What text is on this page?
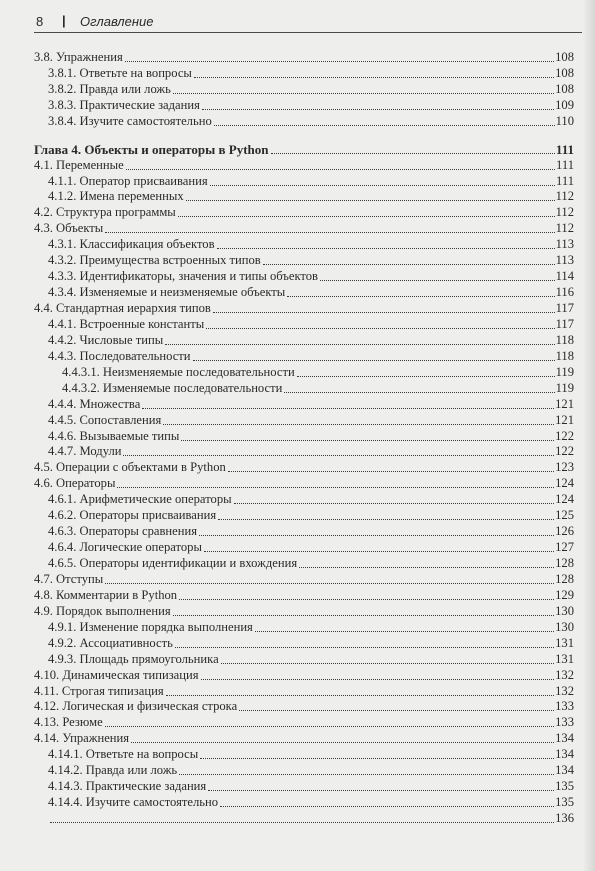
8 | Оглавление
3.8. Упражнения	108
3.8.1. Ответьте на вопросы	108
3.8.2. Правда или ложь	108
3.8.3. Практические задания	109
3.8.4. Изучите самостоятельно	110
Глава 4. Объекты и операторы в Python	111
4.1. Переменные	111
4.1.1. Оператор присваивания	111
4.1.2. Имена переменных	112
4.2. Структура программы	112
4.3. Объекты	112
4.3.1. Классификация объектов	113
4.3.2. Преимущества встроенных типов	113
4.3.3. Идентификаторы, значения и типы объектов	114
4.3.4. Изменяемые и неизменяемые объекты	116
4.4. Стандартная иерархия типов	117
4.4.1. Встроенные константы	117
4.4.2. Числовые типы	118
4.4.3. Последовательности	118
4.4.3.1. Неизменяемые последовательности	119
4.4.3.2. Изменяемые последовательности	119
4.4.4. Множества	121
4.4.5. Сопоставления	121
4.4.6. Вызываемые типы	122
4.4.7. Модули	122
4.5. Операции с объектами в Python	123
4.6. Операторы	124
4.6.1. Арифметические операторы	124
4.6.2. Операторы присваивания	125
4.6.3. Операторы сравнения	126
4.6.4. Логические операторы	127
4.6.5. Операторы идентификации и вхождения	128
4.7. Отступы	128
4.8. Комментарии в Python	129
4.9. Порядок выполнения	130
4.9.1. Изменение порядка выполнения	130
4.9.2. Ассоциативность	131
4.9.3. Площадь прямоугольника	131
4.10. Динамическая типизация	132
4.11. Строгая типизация	132
4.12. Логическая и физическая строка	133
4.13. Резюме	133
4.14. Упражнения	134
4.14.1. Ответьте на вопросы	134
4.14.2. Правда или ложь	134
4.14.3. Практические задания	135
4.14.4. Изучите самостоятельно	135
136
